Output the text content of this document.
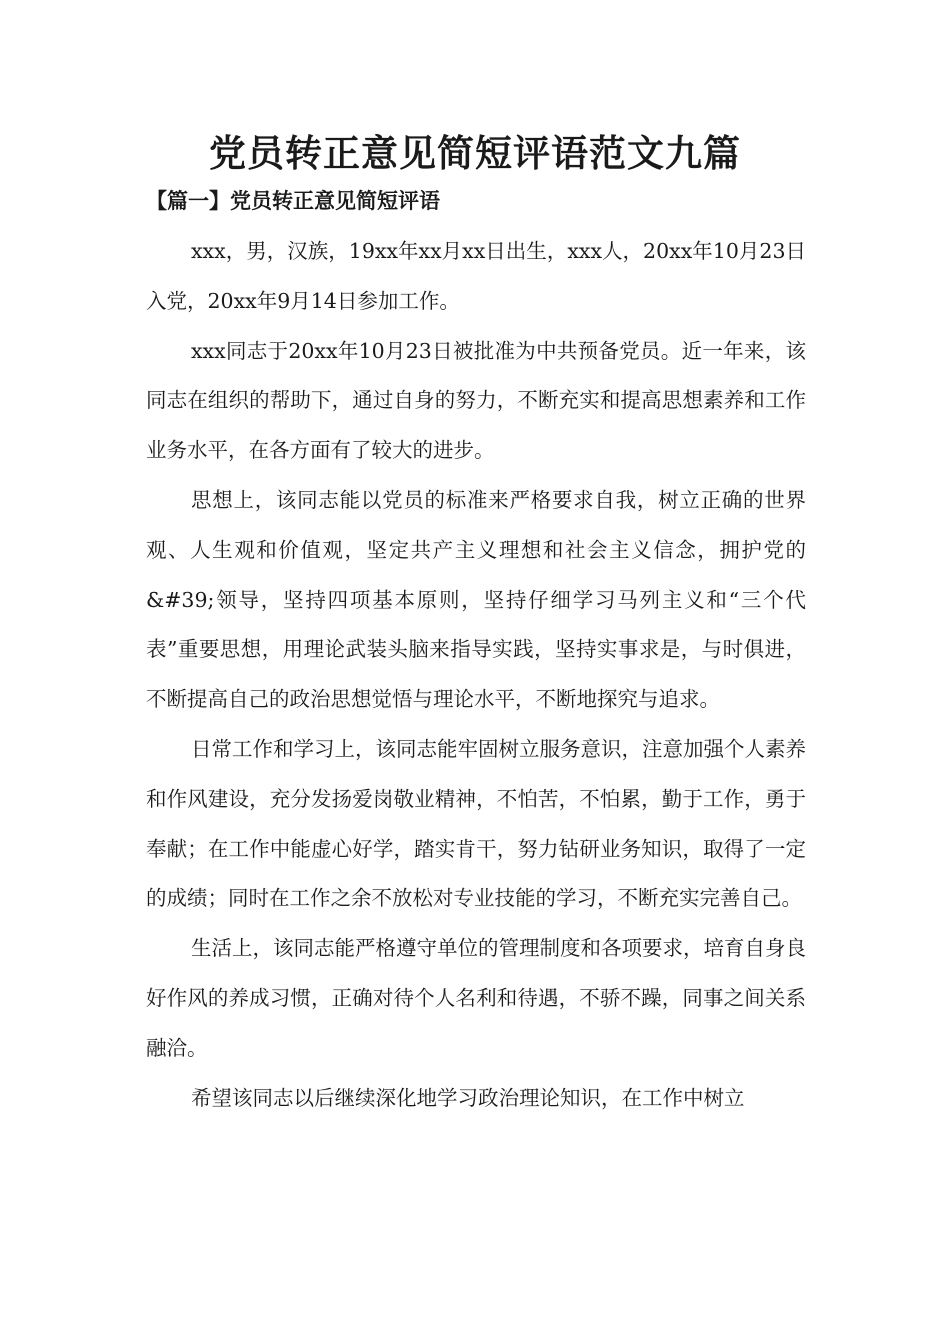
党员转正意见简短评语范文九篇
【篇一】党员转正意见简短评语

xxx，男，汉族，19xx年xx月xx日出生，xxx人，20xx年10月23日入党，20xx年9月14日参加工作。

xxx同志于20xx年10月23日被批准为中共预备党员。近一年来，该同志在组织的帮助下，通过自身的努力，不断充实和提高思想素养和工作业务水平，在各方面有了较大的进步。

思想上，该同志能以党员的标准来严格要求自我，树立正确的世界观、人生观和价值观，坚定共产主义理想和社会主义信念，拥护党的&#39;领导，坚持四项基本原则，坚持仔细学习马列主义和“三个代表”重要思想，用理论武装头脑来指导实践，坚持实事求是，与时俱进，不断提高自己的政治思想觉悟与理论水平，不断地探究与追求。

日常工作和学习上，该同志能牢固树立服务意识，注意加强个人素养和作风建设，充分发扬爱岗敬业精神，不怕苦，不怕累，勤于工作，勇于奉献；在工作中能虚心好学，踏实肯干，努力钻研业务知识，取得了一定的成绩；同时在工作之余不放松对专业技能的学习，不断充实完善自己。

生活上，该同志能严格遵守单位的管理制度和各项要求，培育自身良好作风的养成习惯，正确对待个人名利和待遇，不骄不躁，同事之间关系融洽。

希望该同志以后继续深化地学习政治理论知识，在工作中树立
